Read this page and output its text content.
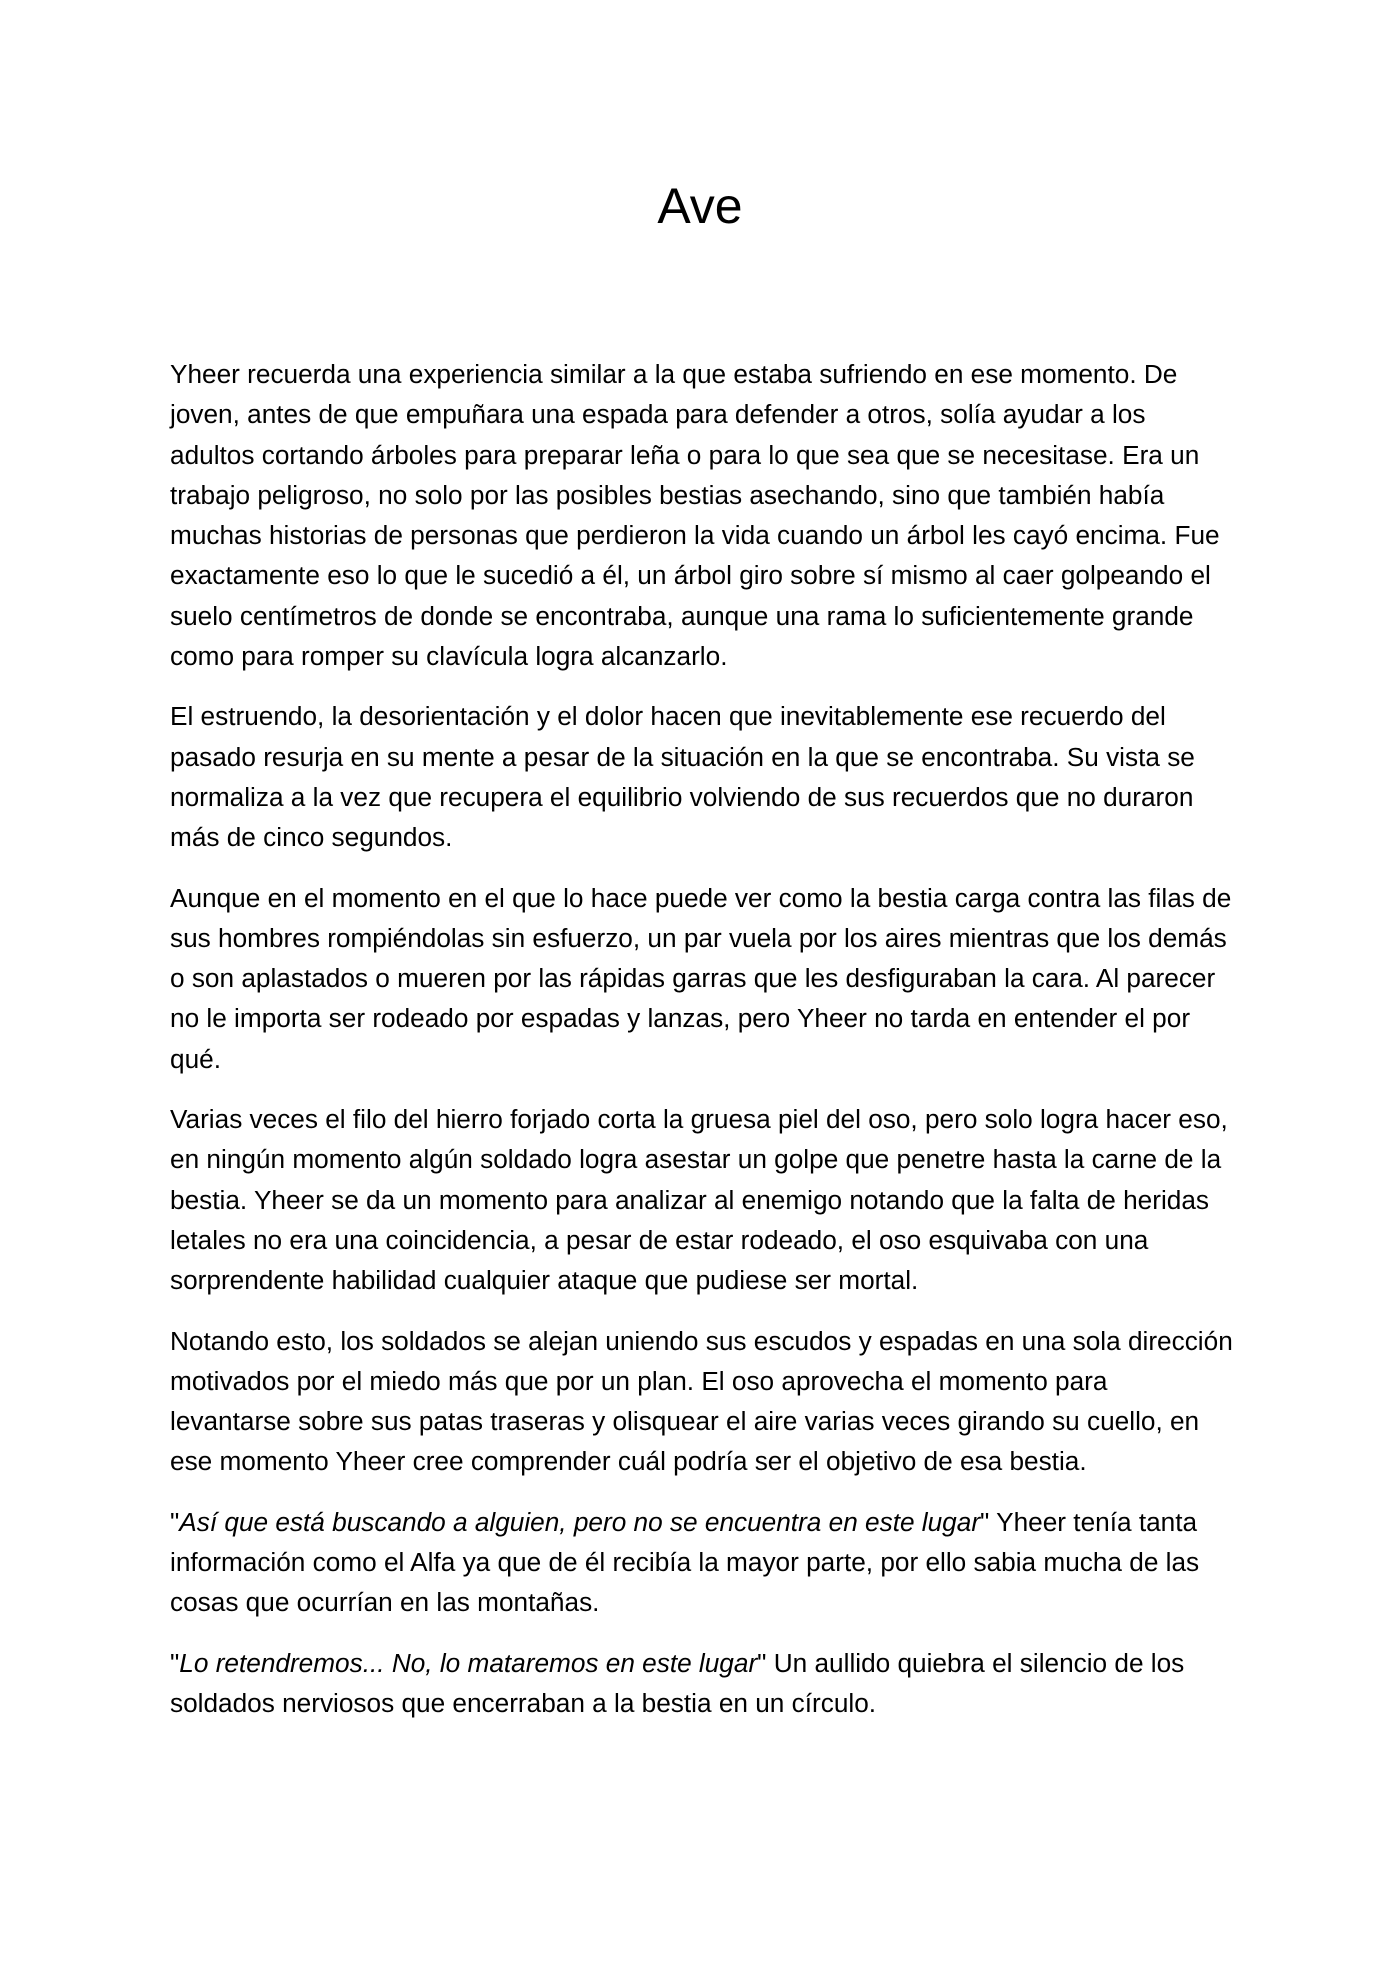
Ave

Yheer recuerda una experiencia similar a la que estaba sufriendo en ese momento. De joven, antes de que empuñara una espada para defender a otros, solía ayudar a los adultos cortando árboles para preparar leña o para lo que sea que se necesitase. Era un trabajo peligroso, no solo por las posibles bestias asechando, sino que también había muchas historias de personas que perdieron la vida cuando un árbol les cayó encima. Fue exactamente eso lo que le sucedió a él, un árbol giro sobre sí mismo al caer golpeando el suelo centímetros de donde se encontraba, aunque una rama lo suficientemente grande como para romper su clavícula logra alcanzarlo.

El estruendo, la desorientación y el dolor hacen que inevitablemente ese recuerdo del pasado resurja en su mente a pesar de la situación en la que se encontraba. Su vista se normaliza a la vez que recupera el equilibrio volviendo de sus recuerdos que no duraron más de cinco segundos.

Aunque en el momento en el que lo hace puede ver como la bestia carga contra las filas de sus hombres rompiéndolas sin esfuerzo, un par vuela por los aires mientras que los demás o son aplastados o mueren por las rápidas garras que les desfiguraban la cara. Al parecer no le importa ser rodeado por espadas y lanzas, pero Yheer no tarda en entender el por qué.

Varias veces el filo del hierro forjado corta la gruesa piel del oso, pero solo logra hacer eso, en ningún momento algún soldado logra asestar un golpe que penetre hasta la carne de la bestia. Yheer se da un momento para analizar al enemigo notando que la falta de heridas letales no era una coincidencia, a pesar de estar rodeado, el oso esquivaba con una sorprendente habilidad cualquier ataque que pudiese ser mortal.

Notando esto, los soldados se alejan uniendo sus escudos y espadas en una sola dirección motivados por el miedo más que por un plan. El oso aprovecha el momento para levantarse sobre sus patas traseras y olisquear el aire varias veces girando su cuello, en ese momento Yheer cree comprender cuál podría ser el objetivo de esa bestia.

"Así que está buscando a alguien, pero no se encuentra en este lugar" Yheer tenía tanta información como el Alfa ya que de él recibía la mayor parte, por ello sabia mucha de las cosas que ocurrían en las montañas.

"Lo retendremos... No, lo mataremos en este lugar" Un aullido quiebra el silencio de los soldados nerviosos que encerraban a la bestia en un círculo.
